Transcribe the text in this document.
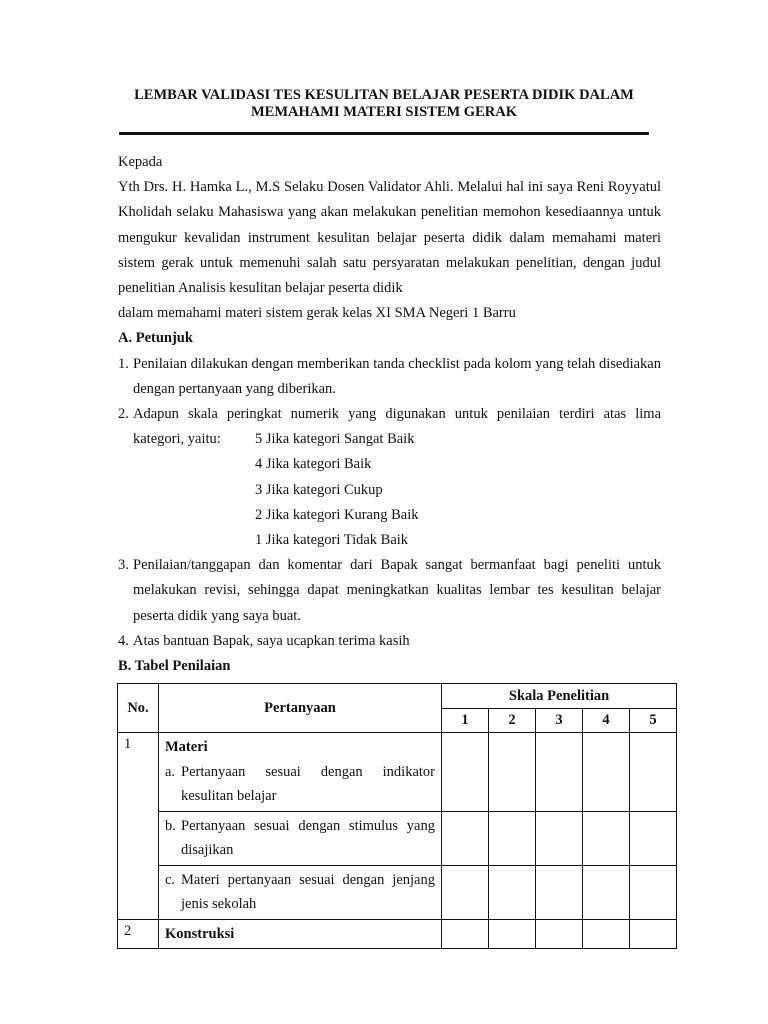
LEMBAR VALIDASI TES KESULITAN BELAJAR PESERTA DIDIK DALAM
MEMAHAMI MATERI SISTEM GERAK

Kepada

Yth Drs. H. Hamka L., M.S Selaku Dosen Validator Ahli. Melalui hal ini saya Reni Royyatul Kholidah selaku Mahasiswa yang akan melakukan penelitian memohon kesediaannya untuk mengukur kevalidan instrument kesulitan belajar peserta didik dalam memahami materi sistem gerak untuk memenuhi salah satu persyaratan melakukan penelitian, dengan judul penelitian Analisis kesulitan belajar peserta didik

dalam memahami materi sistem gerak kelas XI SMA Negeri 1 Barru

A. Petunjuk

1. Penilaian dilakukan dengan memberikan tanda checklist pada kolom yang telah disediakan dengan pertanyaan yang diberikan.
2. Adapun skala peringkat numerik yang digunakan untuk penilaian terdiri atas lima
kategori, yaitu:	5 Jika kategori Sangat Baik
4 Jika kategori Baik
3 Jika kategori Cukup
2 Jika kategori Kurang Baik
1 Jika kategori Tidak Baik
3. Penilaian/tanggapan dan komentar dari Bapak sangat bermanfaat bagi peneliti untuk melakukan revisi, sehingga dapat meningkatkan kualitas lembar tes kesulitan belajar peserta didik yang saya buat.
4. Atas bantuan Bapak, saya ucapkan terima kasih

B. Tabel Penilaian

No.	Pertanyaan	Skala Penelitian				
		1	2	3	4	5
1	Materi
a. Pertanyaan sesuai dengan indikator kesulitan belajar					

	b. Pertanyaan sesuai dengan stimulus yang disajikan					

	c. Materi pertanyaan sesuai dengan jenjang jenis sekolah					

2	Konstruksi					
